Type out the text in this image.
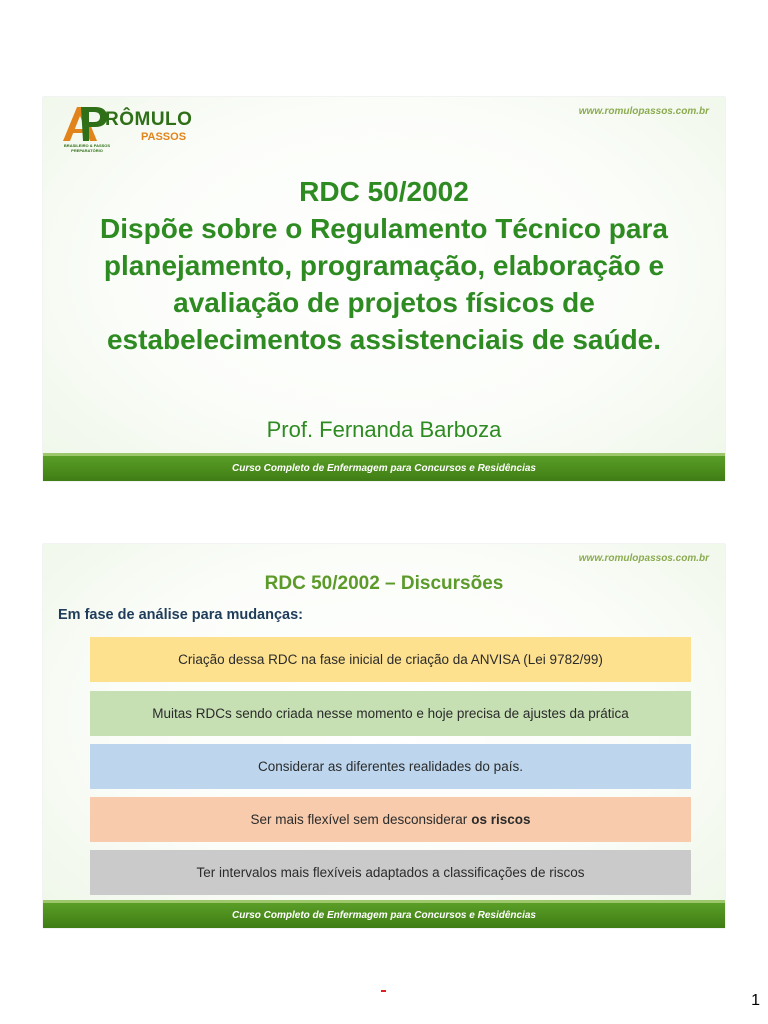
RÔMULO
PASSOS
BRASILEIRO & PASSOS PREPARATÓRIO
www.romulopassos.com.br
RDC 50/2002
Dispõe sobre o Regulamento Técnico para
planejamento, programação, elaboração e
avaliação de projetos físicos de
estabelecimentos assistenciais de saúde.
Prof. Fernanda Barboza
Curso Completo de Enfermagem para Concursos e Residências
www.romulopassos.com.br
RDC 50/2002 – Discursões
Em fase de análise para mudanças:
Criação dessa RDC na fase inicial de criação da ANVISA (Lei 9782/99)
Muitas RDCs sendo criada nesse momento e hoje precisa de ajustes da prática
Considerar as diferentes realidades do país.
Ser mais flexível sem desconsiderar os riscos
Ter intervalos mais flexíveis adaptados a classificações de riscos
Curso Completo de Enfermagem para Concursos e Residências
1
